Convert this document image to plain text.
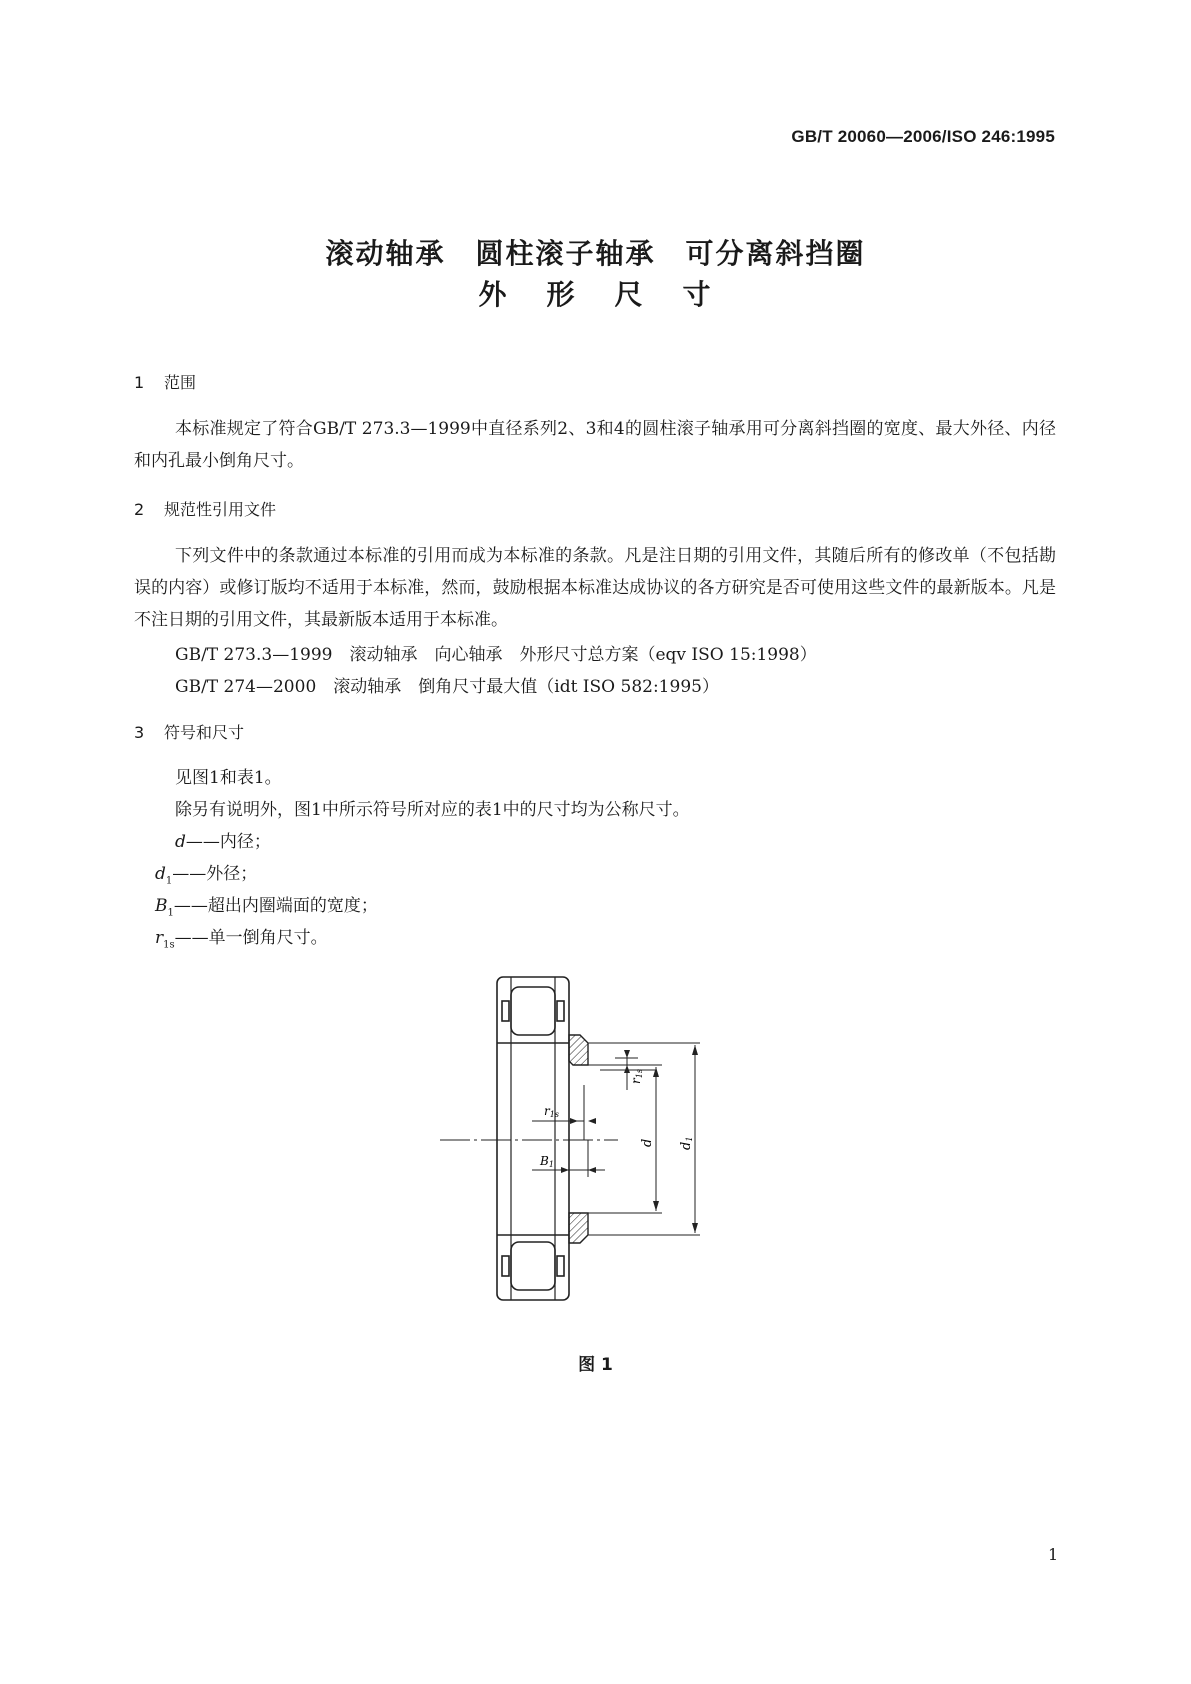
GB/T 20060—2006/ISO 246:1995
滚动轴承　圆柱滚子轴承　可分离斜挡圈
外 形 尺 寸
1 范围
本标准规定了符合GB/T 273.3—1999中直径系列2、3和4的圆柱滚子轴承用可分离斜挡圈的宽度、最大外径、内径和内孔最小倒角尺寸。
2 规范性引用文件
下列文件中的条款通过本标准的引用而成为本标准的条款。凡是注日期的引用文件，其随后所有的修改单（不包括勘误的内容）或修订版均不适用于本标准，然而，鼓励根据本标准达成协议的各方研究是否可使用这些文件的最新版本。凡是不注日期的引用文件，其最新版本适用于本标准。
GB/T 273.3—1999　滚动轴承　向心轴承　外形尺寸总方案（eqv ISO 15:1998）
GB/T 274—2000　滚动轴承　倒角尺寸最大值（idt ISO 582:1995）
3 符号和尺寸
见图1和表1。
除另有说明外，图1中所示符号所对应的表1中的尺寸均为公称尺寸。
d——内径；
$d_1——$外径；
$B_1——$超出内圈端面的宽度；
$r_{1s}——$单一倒角尺寸。
r1s
B1
r1s
d d1
图 1
1
